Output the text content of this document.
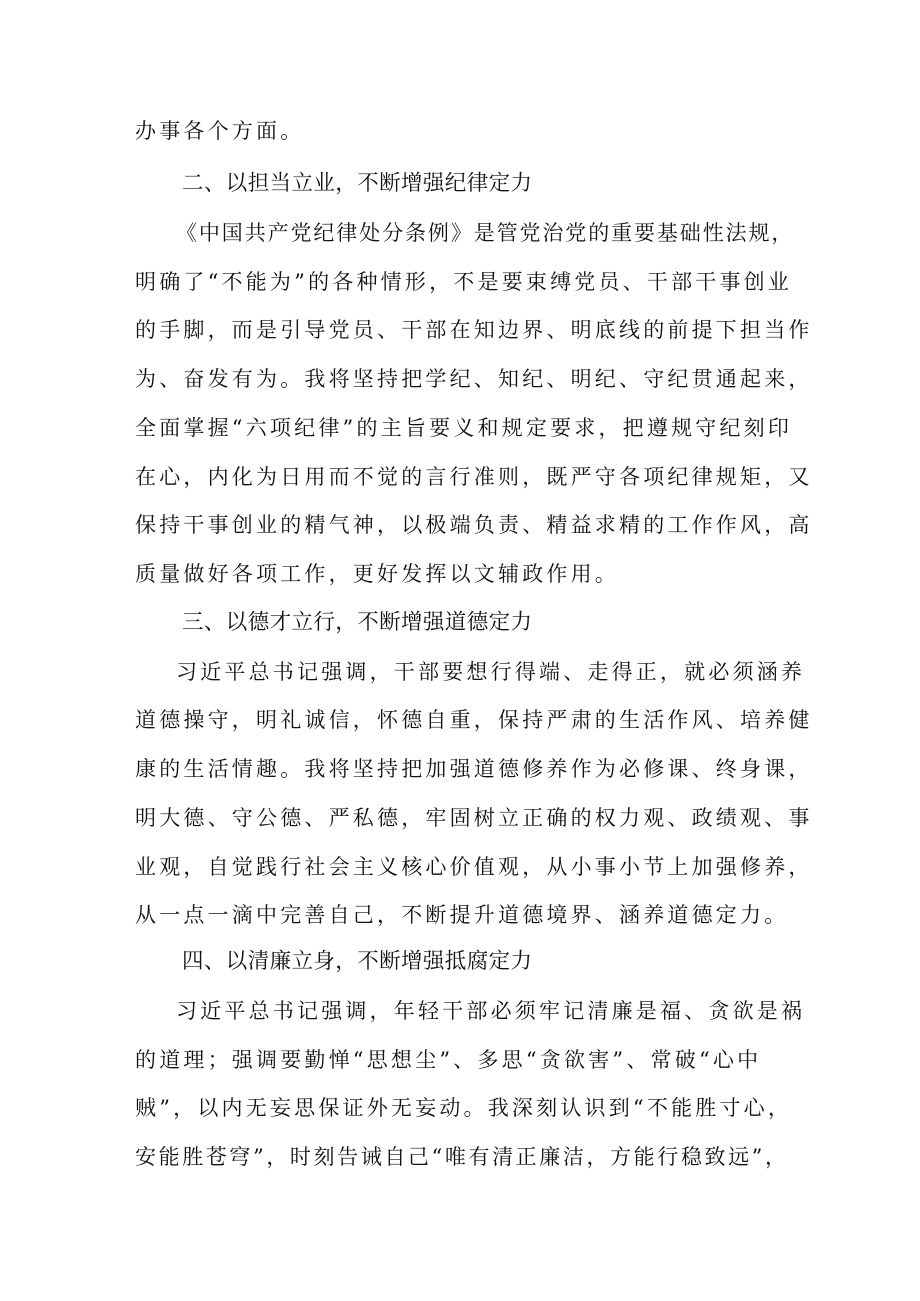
办事各个方面。
二、以担当立业，不断增强纪律定力
《中国共产党纪律处分条例》是管党治党的重要基础性法规，
明确了“不能为”的各种情形，不是要束缚党员、干部干事创业
的手脚，而是引导党员、干部在知边界、明底线的前提下担当作
为、奋发有为。我将坚持把学纪、知纪、明纪、守纪贯通起来，
全面掌握“六项纪律”的主旨要义和规定要求，把遵规守纪刻印
在心，内化为日用而不觉的言行准则，既严守各项纪律规矩，又
保持干事创业的精气神，以极端负责、精益求精的工作作风，高
质量做好各项工作，更好发挥以文辅政作用。
三、以德才立行，不断增强道德定力
习近平总书记强调，干部要想行得端、走得正，就必须涵养
道德操守，明礼诚信，怀德自重，保持严肃的生活作风、培养健
康的生活情趣。我将坚持把加强道德修养作为必修课、终身课，
明大德、守公德、严私德，牢固树立正确的权力观、政绩观、事
业观，自觉践行社会主义核心价值观，从小事小节上加强修养，
从一点一滴中完善自己，不断提升道德境界、涵养道德定力。
四、以清廉立身，不断增强抵腐定力
习近平总书记强调，年轻干部必须牢记清廉是福、贪欲是祸
的道理；强调要勤惮“思想尘”、多思“贪欲害”、常破“心中
贼”，以内无妄思保证外无妄动。我深刻认识到“不能胜寸心，
安能胜苍穹”，时刻告诫自己“唯有清正廉洁，方能行稳致远”，
